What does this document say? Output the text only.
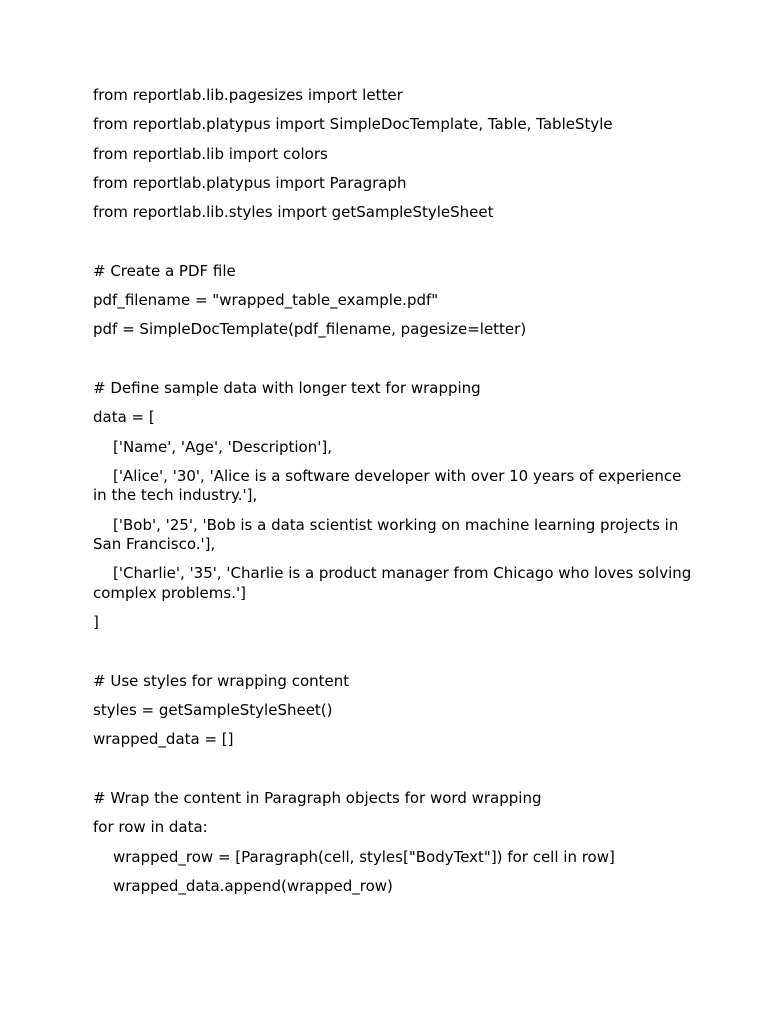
from reportlab.lib.pagesizes import letter
from reportlab.platypus import SimpleDocTemplate, Table, TableStyle
from reportlab.lib import colors
from reportlab.platypus import Paragraph
from reportlab.lib.styles import getSampleStyleSheet
# Create a PDF file
pdf_filename = "wrapped_table_example.pdf"
pdf = SimpleDocTemplate(pdf_filename, pagesize=letter)
# Define sample data with longer text for wrapping
data = [
['Name', 'Age', 'Description'],
['Alice', '30', 'Alice is a software developer with over 10 years of experience in the tech industry.'],
['Bob', '25', 'Bob is a data scientist working on machine learning projects in San Francisco.'],
['Charlie', '35', 'Charlie is a product manager from Chicago who loves solving complex problems.']
]
# Use styles for wrapping content
styles = getSampleStyleSheet()
wrapped_data = []
# Wrap the content in Paragraph objects for word wrapping
for row in data:
wrapped_row = [Paragraph(cell, styles["BodyText"]) for cell in row]
wrapped_data.append(wrapped_row)
